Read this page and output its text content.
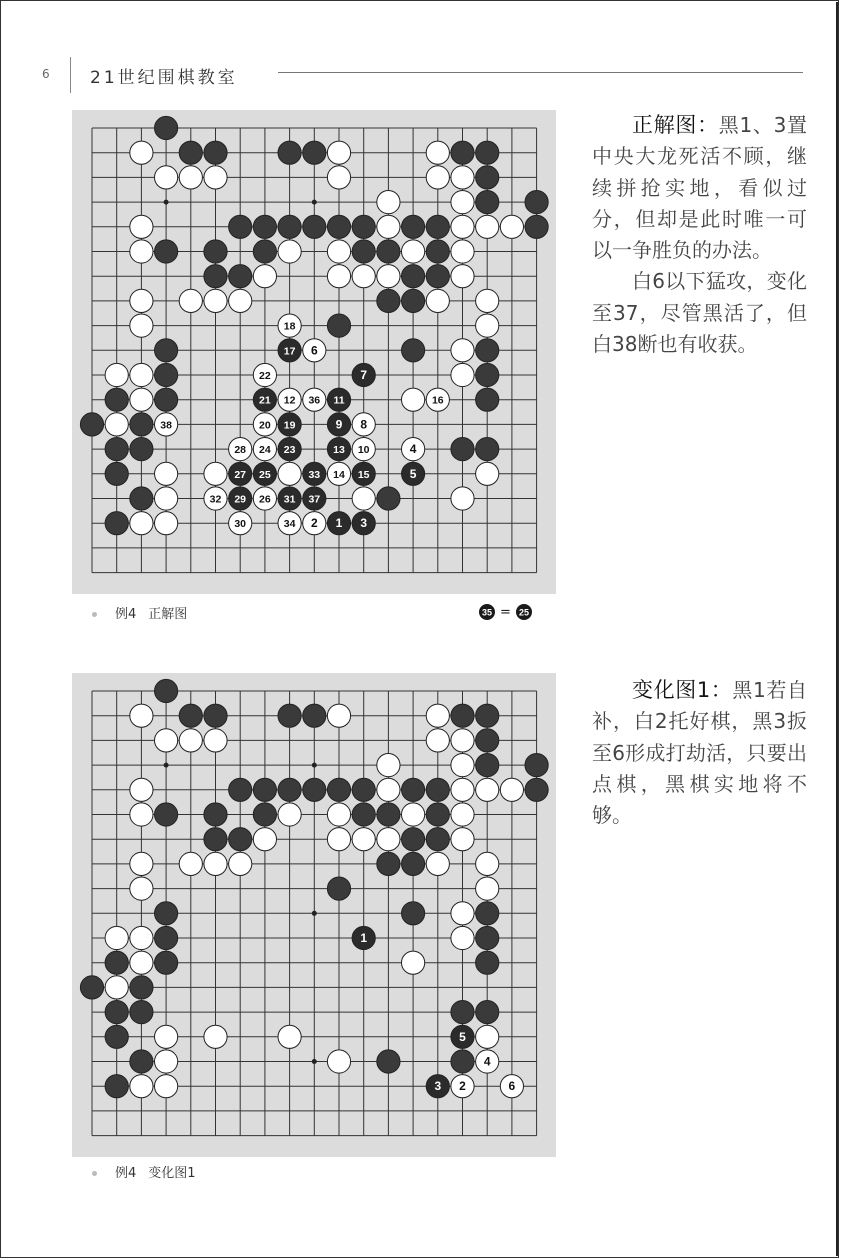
6 21世纪围棋教室
18
17 6
22	7
21 12 36 11	16
38	20 19	9 8
28 24 23	13 10	4
27 25	33 14 15	5
32 29 26 31 37
30	34 2 1 3
例4 正解图	35 = 25
1
5
4
3 2	6
例4 变化图1

正解图：黑1、3置中央大龙死活不顾，继续拼抢实地，看似过分，但却是此时唯一可以一争胜负的办法。

白6以下猛攻，变化至37，尽管黑活了，但白38断也有收获。

变化图1：黑1若自补，白2托好棋，黑3扳至6形成打劫活，只要出点棋，黑棋实地将不够。
